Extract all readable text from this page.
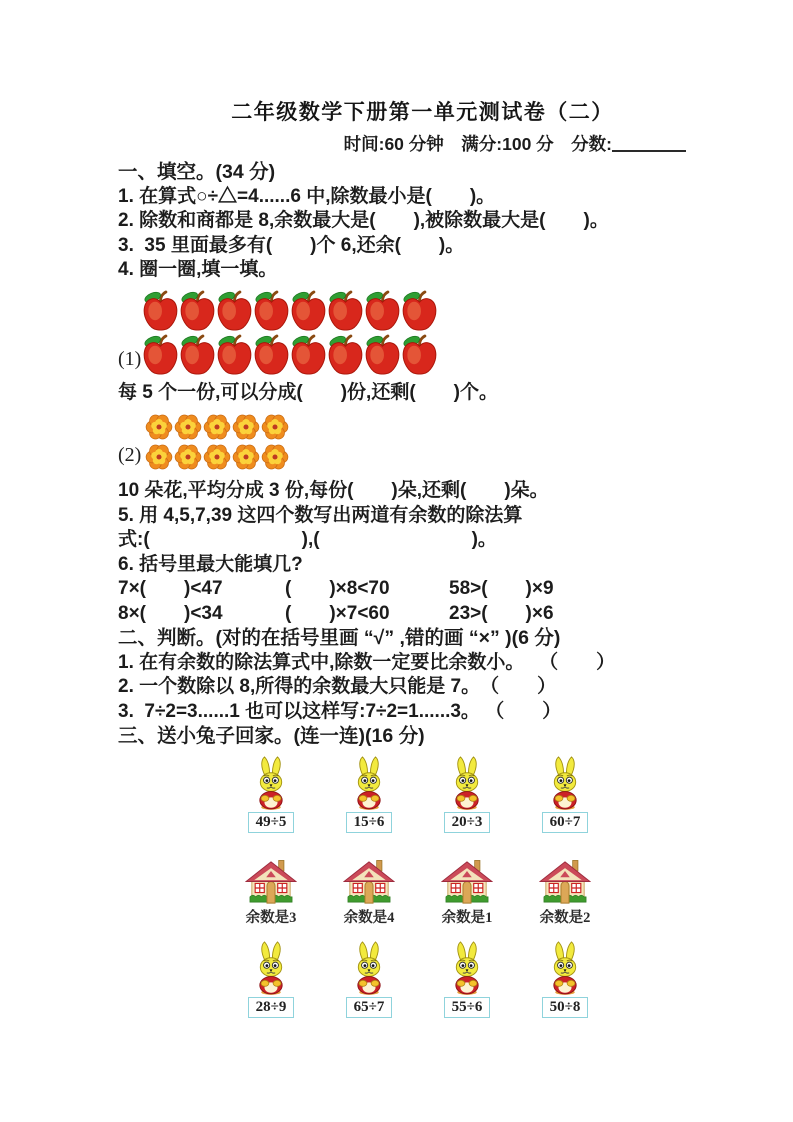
二年级数学下册第一单元测试卷（二）
时间:60 分钟　满分:100 分　分数:
一、填空。(34 分)
1. 在算式○÷△=4......6 中,除数最小是(　　)。
2. 除数和商都是 8,余数最大是(　　),被除数最大是(　　)。
3.  35 里面最多有(　　)个 6,还余(　　)。
4. 圈一圈,填一填。
(1)
每 5 个一份,可以分成(　　)份,还剩(　　)个。
(2)
10 朵花,平均分成 3 份,每份(　　)朵,还剩(　　)朵。
5. 用 4,5,7,39 这四个数写出两道有余数的除法算
式:(　　　　　　　　),(　　　　　　　　)。
6. 括号里最大能填几?
7×(　　)<47	(　　)×8<70	58>(　　)×9
8×(　　)<34	(　　)×7<60	23>(　　)×6
二、判断。(对的在括号里画 “√” ,错的画 “×” )(6 分)
1. 在有余数的除法算式中,除数一定要比余数小。　 （　　）
2. 一个数除以 8,所得的余数最大只能是 7。　（　　）
3.  7÷2=3......1 也可以这样写:7÷2=1......3。 （　　）
三、送小兔子回家。(连一连)(16 分)
49÷5	15÷6	20÷3	60÷7
余数是3	余数是4	余数是1	余数是2
28÷9	65÷7	55÷6	50÷8
